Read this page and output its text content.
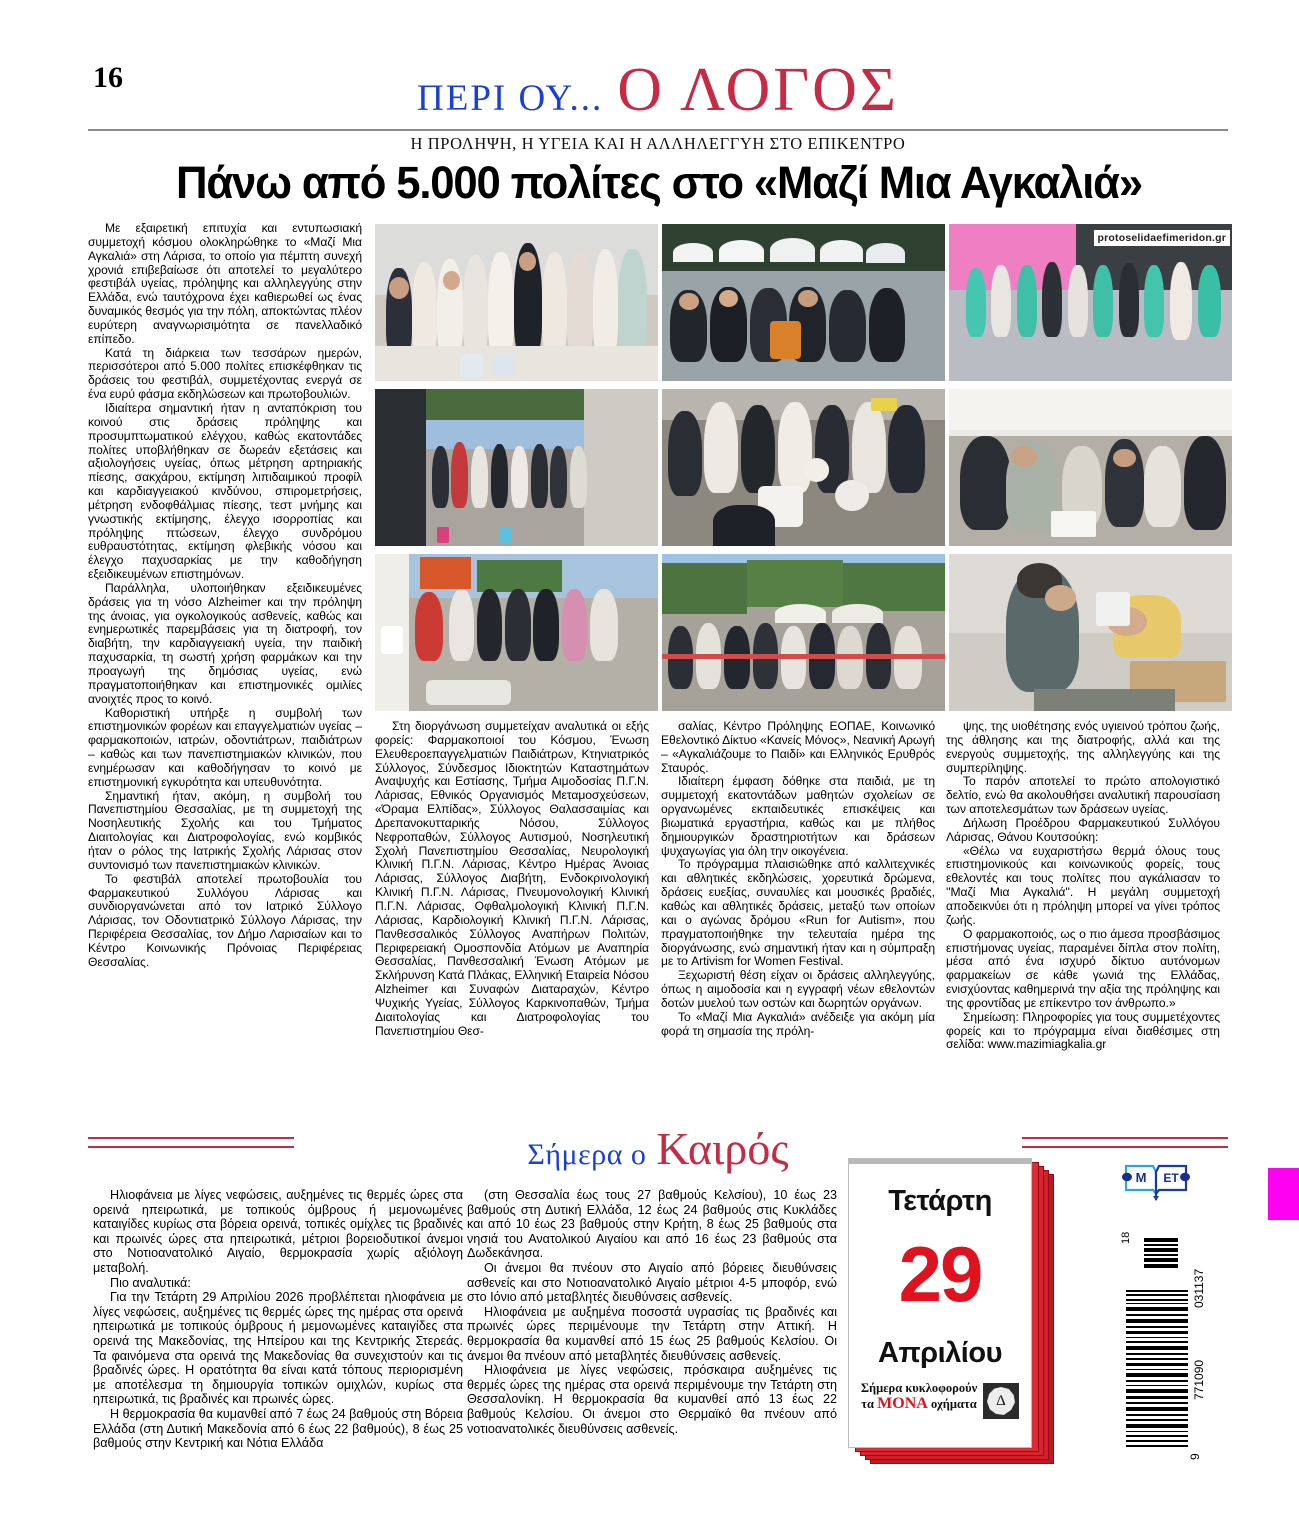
16
ΠΕΡΙ ΟΥ... Ο ΛΟΓΟΣ
Η ΠΡΟΛΗΨΗ, Η ΥΓΕΙΑ ΚΑΙ Η ΑΛΛΗΛΕΓΓΥΗ ΣΤΟ ΕΠΙΚΕΝΤΡΟ
Πάνω από 5.000 πολίτες στο «Μαζί Μια Αγκαλιά»
protoselidaefimeridon.gr

Με εξαιρετική επιτυχία και εντυπωσιακή συμμετοχή κόσμου ολοκληρώθηκε το «Μαζί Μια Αγκαλιά» στη Λάρισα, το οποίο για πέμπτη συνεχή χρονιά επιβεβαίωσε ότι αποτελεί το μεγαλύτερο φεστιβάλ υγείας, πρόληψης και αλληλεγγύης στην Ελλάδα, ενώ ταυτόχρονα έχει καθιερωθεί ως ένας δυναμικός θεσμός για την πόλη, αποκτώντας πλέον ευρύτερη αναγνωρισιμότητα σε πανελλαδικό επίπεδο.

Κατά τη διάρκεια των τεσσάρων ημερών, περισσότεροι από 5.000 πολίτες επισκέφθηκαν τις δράσεις του φεστιβάλ, συμμετέχοντας ενεργά σε ένα ευρύ φάσμα εκδηλώσεων και πρωτοβουλιών.

Ιδιαίτερα σημαντική ήταν η ανταπόκριση του κοινού στις δράσεις πρόληψης και προσυμπτωματικού ελέγχου, καθώς εκατοντάδες πολίτες υποβλήθηκαν σε δωρεάν εξετάσεις και αξιολογήσεις υγείας, όπως μέτρηση αρτηριακής πίεσης, σακχάρου, εκτίμηση λιπιδαιμικού προφίλ και καρδιαγγειακού κινδύνου, σπιρομετρήσεις, μέτρηση ενδοφθάλμιας πίεσης, τεστ μνήμης και γνωστικής εκτίμησης, έλεγχο ισορροπίας και πρόληψης πτώσεων, έλεγχο συνδρόμου ευθραυστότητας, εκτίμηση φλεβικής νόσου και έλεγχο παχυσαρκίας με την καθοδήγηση εξειδικευμένων επιστημόνων.

Παράλληλα, υλοποιήθηκαν εξειδικευμένες δράσεις για τη νόσο Alzheimer και την πρόληψη της άνοιας, για ογκολογικούς ασθενείς, καθώς και ενημερωτικές παρεμβάσεις για τη διατροφή, τον διαβήτη, την καρδιαγγειακή υγεία, την παιδική παχυσαρκία, τη σωστή χρήση φαρμάκων και την προαγωγή της δημόσιας υγείας, ενώ πραγματοποιήθηκαν και επιστημονικές ομιλίες ανοιχτές προς το κοινό.

Καθοριστική υπήρξε η συμβολή των επιστημονικών φορέων και επαγγελματιών υγείας – φαρμακοποιών, ιατρών, οδοντιάτρων, παιδιάτρων – καθώς και των πανεπιστημιακών κλινικών, που ενημέρωσαν και καθοδήγησαν το κοινό με επιστημονική εγκυρότητα και υπευθυνότητα.

Σημαντική ήταν, ακόμη, η συμβολή του Πανεπιστημίου Θεσσαλίας, με τη συμμετοχή της Νοσηλευτικής Σχολής και του Τμήματος Διαιτολογίας και Διατροφολογίας, ενώ κομβικός ήταν ο ρόλος της Ιατρικής Σχολής Λάρισας στον συντονισμό των πανεπιστημιακών κλινικών.

Το φεστιβάλ αποτελεί πρωτοβουλία του Φαρμακευτικού Συλλόγου Λάρισας και συνδιοργανώνεται από τον Ιατρικό Σύλλογο Λάρισας, τον Οδοντιατρικό Σύλλογο Λάρισας, την Περιφέρεια Θεσσαλίας, τον Δήμο Λαρισαίων και το Κέντρο Κοινωνικής Πρόνοιας Περιφέρειας Θεσσαλίας.

Στη διοργάνωση συμμετείχαν αναλυτικά οι εξής φορείς: Φαρμακοποιοί του Κόσμου, Ένωση Ελευθεροεπαγγελματιών Παιδιάτρων, Κτηνιατρικός Σύλλογος, Σύνδεσμος Ιδιοκτητών Καταστημάτων Αναψυχής και Εστίασης, Τμήμα Αιμοδοσίας Π.Γ.Ν. Λάρισας, Εθνικός Οργανισμός Μεταμοσχεύσεων, «Όραμα Ελπίδας», Σύλλογος Θαλασσαιμίας και Δρεπανοκυτταρικής Νόσου, Σύλλογος Νεφροπαθών, Σύλλογος Αυτισμού, Νοσηλευτική Σχολή Πανεπιστημίου Θεσσαλίας, Νευρολογική Κλινική Π.Γ.Ν. Λάρισας, Κέντρο Ημέρας Άνοιας Λάρισας, Σύλλογος Διαβήτη, Ενδοκρινολογική Κλινική Π.Γ.Ν. Λάρισας, Πνευμονολογική Κλινική Π.Γ.Ν. Λάρισας, Οφθαλμολογική Κλινική Π.Γ.Ν. Λάρισας, Καρδιολογική Κλινική Π.Γ.Ν. Λάρισας, Πανθεσσαλικός Σύλλογος Αναπήρων Πολιτών, Περιφερειακή Ομοσπονδία Ατόμων με Αναπηρία Θεσσαλίας, Πανθεσσαλική Ένωση Ατόμων με Σκλήρυνση Κατά Πλάκας, Ελληνική Εταιρεία Νόσου Alzheimer και Συναφών Διαταραχών, Κέντρο Ψυχικής Υγείας, Σύλλογος Καρκινοπαθών, Τμήμα Διαιτολογίας και Διατροφολογίας του Πανεπιστημίου Θεσ-

σαλίας, Κέντρο Πρόληψης ΕΟΠΑΕ, Κοινωνικό Εθελοντικό Δίκτυο «Κανείς Μόνος», Νεανική Αρωγή – «Αγκαλιάζουμε το Παιδί» και Ελληνικός Ερυθρός Σταυρός.

Ιδιαίτερη έμφαση δόθηκε στα παιδιά, με τη συμμετοχή εκατοντάδων μαθητών σχολείων σε οργανωμένες εκπαιδευτικές επισκέψεις και βιωματικά εργαστήρια, καθώς και με πλήθος δημιουργικών δραστηριοτήτων και δράσεων ψυχαγωγίας για όλη την οικογένεια.

Το πρόγραμμα πλαισιώθηκε από καλλιτεχνικές και αθλητικές εκδηλώσεις, χορευτικά δρώμενα, δράσεις ευεξίας, συναυλίες και μουσικές βραδιές, καθώς και αθλητικές δράσεις, μεταξύ των οποίων και ο αγώνας δρόμου «Run for Autism», που πραγματοποιήθηκε την τελευταία ημέρα της διοργάνωσης, ενώ σημαντική ήταν και η σύμπραξη με το Artivism for Women Festival.

Ξεχωριστή θέση είχαν οι δράσεις αλληλεγγύης, όπως η αιμοδοσία και η εγγραφή νέων εθελοντών δοτών μυελού των οστών και δωρητών οργάνων.

Το «Μαζί Μια Αγκαλιά» ανέδειξε για ακόμη μία φορά τη σημασία της πρόλη-

ψης, της υιοθέτησης ενός υγιεινού τρόπου ζωής, της άθλησης και της διατροφής, αλλά και της ενεργούς συμμετοχής, της αλληλεγγύης και της συμπερίληψης.

Το παρόν αποτελεί το πρώτο απολογιστικό δελτίο, ενώ θα ακολουθήσει αναλυτική παρουσίαση των αποτελεσμάτων των δράσεων υγείας.

Δήλωση Προέδρου Φαρμακευτικού Συλλόγου Λάρισας, Θάνου Κουτσούκη:

«Θέλω να ευχαριστήσω θερμά όλους τους επιστημονικούς και κοινωνικούς φορείς, τους εθελοντές και τους πολίτες που αγκάλιασαν το ''Μαζί Μια Αγκαλιά''. Η μεγάλη συμμετοχή αποδεικνύει ότι η πρόληψη μπορεί να γίνει τρόπος ζωής.

Ο φαρμακοποιός, ως ο πιο άμεσα προσβάσιμος επιστήμονας υγείας, παραμένει δίπλα στον πολίτη, μέσα από ένα ισχυρό δίκτυο αυτόνομων φαρμακείων σε κάθε γωνιά της Ελλάδας, ενισχύοντας καθημερινά την αξία της πρόληψης και της φροντίδας με επίκεντρο τον άνθρωπο.»

Σημείωση: Πληροφορίες για τους συμμετέχοντες φορείς και το πρόγραμμα είναι διαθέσιμες στη σελίδα: www.mazimiagkalia.gr

Σήμερα ο Καιρός

Ηλιοφάνεια με λίγες νεφώσεις, αυξημένες τις θερμές ώρες στα ορεινά ηπειρωτικά, με τοπικούς όμβρους ή μεμονωμένες καταιγίδες κυρίως στα βόρεια ορεινά, τοπικές ομίχλες τις βραδινές και πρωινές ώρες στα ηπειρωτικά, μέτριοι βορειοδυτικοί άνεμοι στο Νοτιοανατολικό Αιγαίο, θερμοκρασία χωρίς αξιόλογη μεταβολή.

Πιο αναλυτικά:

Για την Τετάρτη 29 Απριλίου 2026 προβλέπεται ηλιοφάνεια με λίγες νεφώσεις, αυξημένες τις θερμές ώρες της ημέρας στα ορεινά ηπειρωτικά με τοπικούς όμβρους ή μεμονωμένες καταιγίδες στα ορεινά της Μακεδονίας, της Ηπείρου και της Κεντρικής Στερεάς. Τα φαινόμενα στα ορεινά της Μακεδονίας θα συνεχιστούν και τις βραδινές ώρες. Η ορατότητα θα είναι κατά τόπους περιορισμένη με αποτέλεσμα τη δημιουργία τοπικών ομιχλών, κυρίως στα ηπειρωτικά, τις βραδινές και πρωινές ώρες.

Η θερμοκρασία θα κυμανθεί από 7 έως 24 βαθμούς στη Βόρεια Ελλάδα (στη Δυτική Μακεδονία από 6 έως 22 βαθμούς), 8 έως 25 βαθμούς στην Κεντρική και Νότια Ελλάδα

(στη Θεσσαλία έως τους 27 βαθμούς Κελσίου), 10 έως 23 βαθμούς στη Δυτική Ελλάδα, 12 έως 24 βαθμούς στις Κυκλάδες και από 10 έως 23 βαθμούς στην Κρήτη, 8 έως 25 βαθμούς στα νησιά του Ανατολικού Αιγαίου και από 16 έως 23 βαθμούς στα Δωδεκάνησα.

Οι άνεμοι θα πνέουν στο Αιγαίο από βόρειες διευθύνσεις ασθενείς και στο Νοτιοανατολικό Αιγαίο μέτριοι 4-5 μποφόρ, ενώ στο Ιόνιο από μεταβλητές διευθύνσεις ασθενείς.

Ηλιοφάνεια με αυξημένα ποσοστά υγρασίας τις βραδινές και πρωινές ώρες περιμένουμε την Τετάρτη στην Αττική. Η θερμοκρασία θα κυμανθεί από 15 έως 25 βαθμούς Κελσίου. Οι άνεμοι θα πνέουν από μεταβλητές διευθύνσεις ασθενείς.

Ηλιοφάνεια με λίγες νεφώσεις, πρόσκαιρα αυξημένες τις θερμές ώρες της ημέρας στα ορεινά περιμένουμε την Τετάρτη στη Θεσσαλονίκη. Η θερμοκρασία θα κυμανθεί από 13 έως 22 βαθμούς Κελσίου. Οι άνεμοι στο Θερμαϊκό θα πνέουν από νοτιοανατολικές διευθύνσεις ασθενείς.

Τετάρτη
29
Απριλίου
Σήμερα κυκλοφορούν
τα ΜΟΝΑ οχήματα	Δ
M ET
18
031137
771090
9
